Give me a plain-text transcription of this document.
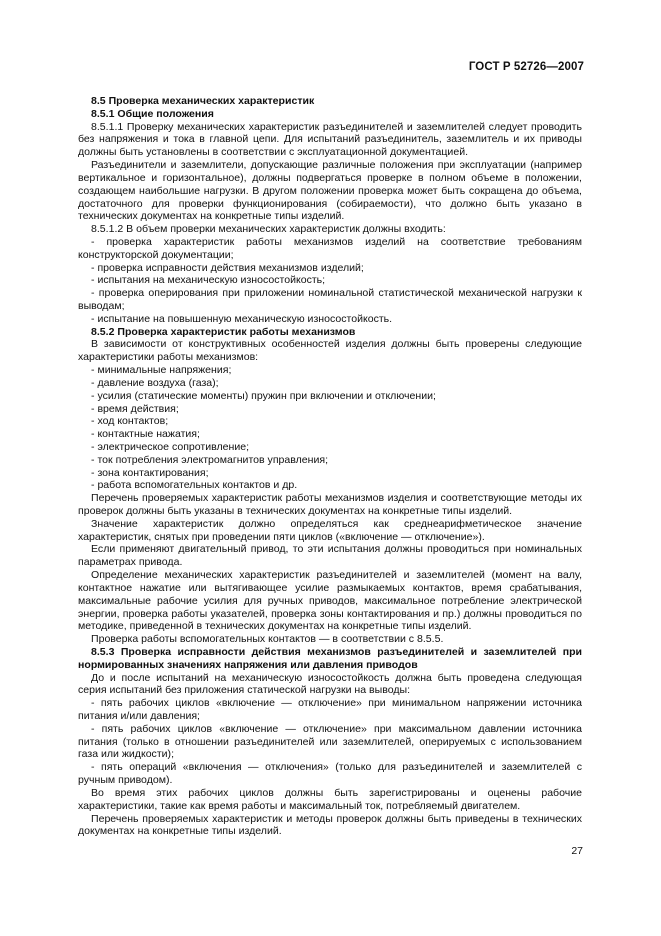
ГОСТ Р 52726—2007

8.5 Проверка механических характеристик

8.5.1 Общие положения

8.5.1.1 Проверку механических характеристик разъединителей и заземлителей следует проводить без напряжения и тока в главной цепи. Для испытаний разъединитель, заземлитель и их приводы должны быть установлены в соответствии с эксплуатационной документацией.

Разъединители и заземлители, допускающие различные положения при эксплуатации (например вертикальное и горизонтальное), должны подвергаться проверке в полном объеме в положении, создающем наибольшие нагрузки. В другом положении проверка может быть сокращена до объема, достаточного для проверки функционирования (собираемости), что должно быть указано в технических документах на конкретные типы изделий.

8.5.1.2 В объем проверки механических характеристик должны входить:

- проверка характеристик работы механизмов изделий на соответствие требованиям конструкторской документации;

- проверка исправности действия механизмов изделий;

- испытания на механическую износостойкость;

- проверка оперирования при приложении номинальной статистической механической нагрузки к выводам;

- испытание на повышенную механическую износостойкость.

8.5.2 Проверка характеристик работы механизмов

В зависимости от конструктивных особенностей изделия должны быть проверены следующие характеристики работы механизмов:

- минимальные напряжения;

- давление воздуха (газа);

- усилия (статические моменты) пружин при включении и отключении;

- время действия;

- ход контактов;

- контактные нажатия;

- электрическое сопротивление;

- ток потребления электромагнитов управления;

- зона контактирования;

- работа вспомогательных контактов и др.

Перечень проверяемых характеристик работы механизмов изделия и соответствующие методы их проверок должны быть указаны в технических документах на конкретные типы изделий.

Значение характеристик должно определяться как среднеарифметическое значение характеристик, снятых при проведении пяти циклов («включение — отключение»).

Если применяют двигательный привод, то эти испытания должны проводиться при номинальных параметрах привода.

Определение механических характеристик разъединителей и заземлителей (момент на валу, контактное нажатие или вытягивающее усилие размыкаемых контактов, время срабатывания, максимальные рабочие усилия для ручных приводов, максимальное потребление электрической энергии, проверка работы указателей, проверка зоны контактирования и пр.) должны проводиться по методике, приведенной в технических документах на конкретные типы изделий.

Проверка работы вспомогательных контактов — в соответствии с 8.5.5.

8.5.3 Проверка исправности действия механизмов разъединителей и заземлителей при нормированных значениях напряжения или давления приводов

До и после испытаний на механическую износостойкость должна быть проведена следующая серия испытаний без приложения статической нагрузки на выводы:

- пять рабочих циклов «включение — отключение» при минимальном напряжении источника питания и/или давления;

- пять рабочих циклов «включение — отключение» при максимальном давлении источника питания (только в отношении разъединителей или заземлителей, оперируемых с использованием газа или жидкости);

- пять операций «включения — отключения» (только для разъединителей и заземлителей с ручным приводом).

Во время этих рабочих циклов должны быть зарегистрированы и оценены рабочие характеристики, такие как время работы и максимальный ток, потребляемый двигателем.

Перечень проверяемых характеристик и методы проверок должны быть приведены в технических документах на конкретные типы изделий.

27
